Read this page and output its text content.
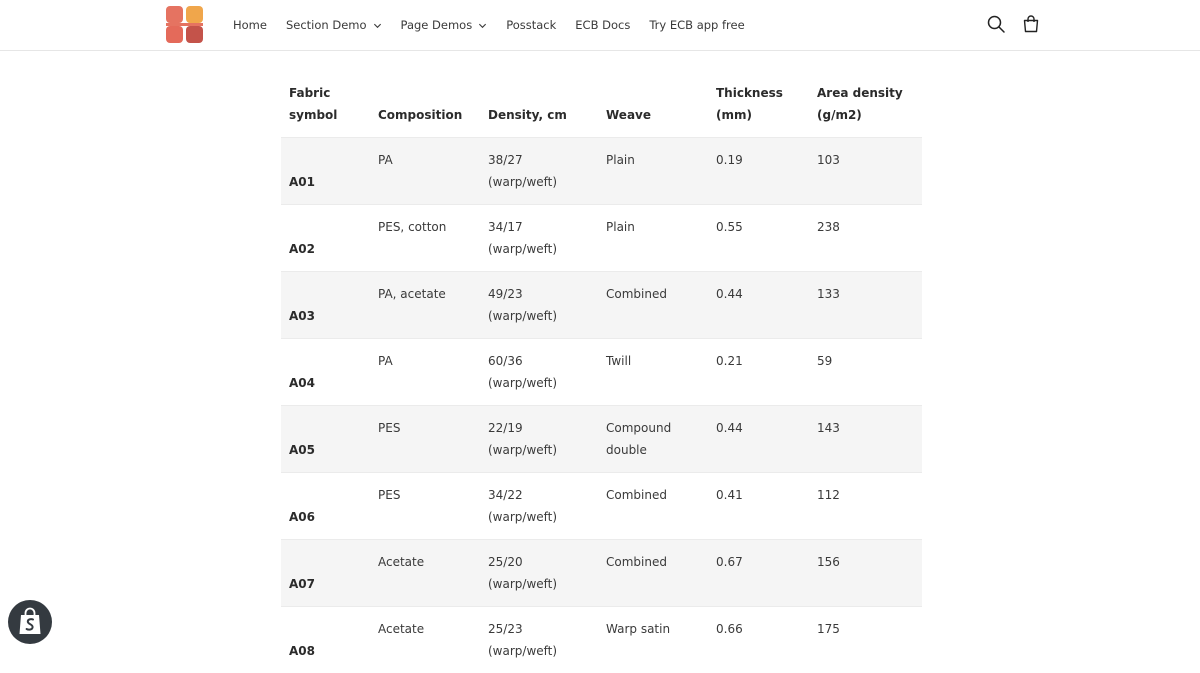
Home Section Demo	Page Demos	Posstack ECB Docs Try ECB app free
Fabric symbol	Composition	Density, cm	Weave	Thickness (mm)	Area density (g/m2)
A01	PA	38/27 (warp/weft)	Plain	0.19	103
A02	PES, cotton	34/17 (warp/weft)	Plain	0.55	238
A03	PA, acetate	49/23 (warp/weft)	Combined	0.44	133
A04	PA	60/36 (warp/weft)	Twill	0.21	59
A05	PES	22/19 (warp/weft)	Compound double	0.44	143
A06	PES	34/22 (warp/weft)	Combined	0.41	112
A07	Acetate	25/20 (warp/weft)	Combined	0.67	156
A08	Acetate	25/23 (warp/weft)	Warp satin	0.66	175
